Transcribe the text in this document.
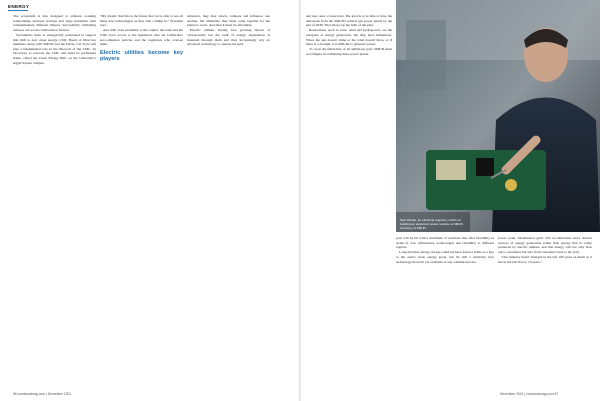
ENERGY

The ecosystem is also designed to enhance working relationships between startups and large industries with complementary different cultures. Successfully combining cultures can avoid collaboration friction.

Sacramento State is strategically positioned to support that shift to new clean energy. CMC Board of Directors members along with SMUD and the Davis, Cal State will play a fundamental role in the lifecycle of the CMC, its laboratory to relocate the CMC and build its permanent home, called the Clean Energy Hub, on the University's Aggie Square campus.

"My dream: that this is the future that we're able to see all these new technologies as they start coming in," Bowman says.

And with close proximity to the capitol, the team and the CMC have access to the legislators who set California's zero-emission policies and the regulators who oversee them.

Electric utilities become key players

existence, they may shock, compete and influence one another, but ultimately they must come together for the planet to work. And then it must be affordable.

Electric utilities already face growing threats of cybersecurity but the bulk of energy dependence is funneled through them and they increasingly rely on advanced technology to operate the grid.

and new ones or reservoirs. The goal is to be able to have the emissions from the SMUD's natural gas power plants by the end of 2030. That shows up the bulk of the plan.

Renewables, such as solar, wind and hydropower, are the paragons of energy generation, but they have limitations. When the sun doesn't shine or the wind doesn't blow, or if there is a drought, it is difficult to generate power.

To cross the finish line of its ambitious goal, SMUD must reconfigure its remaining three power plants.

Sam Restle, an electrical engineer, works on building an electronic power module at SMUD. Courtesy of SMUD.

goal will be hit with a multitude of solutions that offer flexibility in terms of cost, efficiencies, technologies and reliability to different regions.

Long-duration energy storage solutions have found a home as a key to the state's clean energy goals, but it's still a relatively new technology that isn't yet available at any commercial rate.

power plant. Modernized grids will accommodate more diverse sources of energy generation rather than energy that is solely produced by electric utilities, and that energy will not only flow out to customers but also from customers back to the grid.

"Our industry hasn't changed in the last 100 years as much as it has in the last five to 10 years."

56 comstockmag.com | December 2021	December 2021 | comstockmag.com 57
